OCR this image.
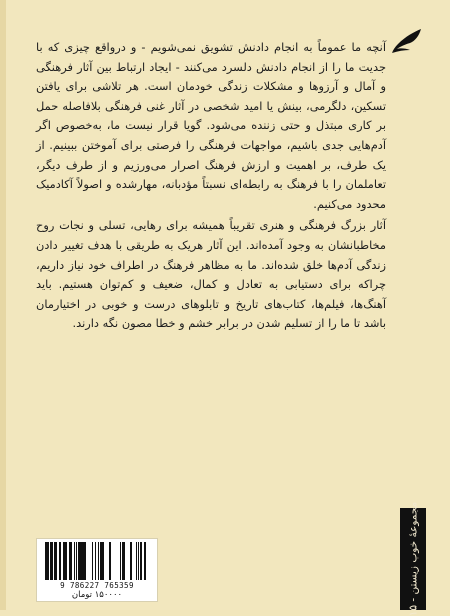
آنچه ما عموماً به انجام دادنش تشویق نمی‌شویم - و درواقع چیزی که با جدیت ما را از انجام دادنش دلسرد می‌کنند - ایجاد ارتباط بین آثار فرهنگی و آمال و آرزوها و مشکلات زندگی خودمان است. هر تلاشی برای یافتن تسکین، دلگرمی، بینش یا امید شخصی در آثار غنی فرهنگی بلافاصله حمل بر کاری مبتذل و حتی زننده می‌شود. گویا قرار نیست ما، به‌خصوص اگر آدم‌هایی جدی باشیم، مواجهات فرهنگی را فرصتی برای آموختن ببینیم. از یک طرف، بر اهمیت و ارزش فرهنگ اصرار می‌ورزیم و از طرف دیگر، تعاملمان را با فرهنگ به رابطه‌ای نسبتاً مؤدبانه، مهارشده و اصولاً آکادمیک محدود می‌کنیم.

آثار بزرگ فرهنگی و هنری تقریباً همیشه برای رهایی، تسلی و نجات روح مخاطبانشان به وجود آمده‌اند. این آثار هریک به طریقی با هدف تغییر دادن زندگی آدم‌ها خلق شده‌اند. ما به مظاهر فرهنگ در اطراف خود نیاز داریم، چراکه برای دستیابی به تعادل و کمال، ضعیف و کم‌توان هستیم. باید آهنگ‌ها، فیلم‌ها، کتاب‌های تاریخ و تابلوهای درست و خوبی در اختیارمان باشد تا ما را از تسلیم شدن در برابر خشم و خطا مصون نگه دارند.

9 786227 765359
۱۵۰۰۰۰ تومان
مجموعهٔ خوب زیستن - ۱۵
